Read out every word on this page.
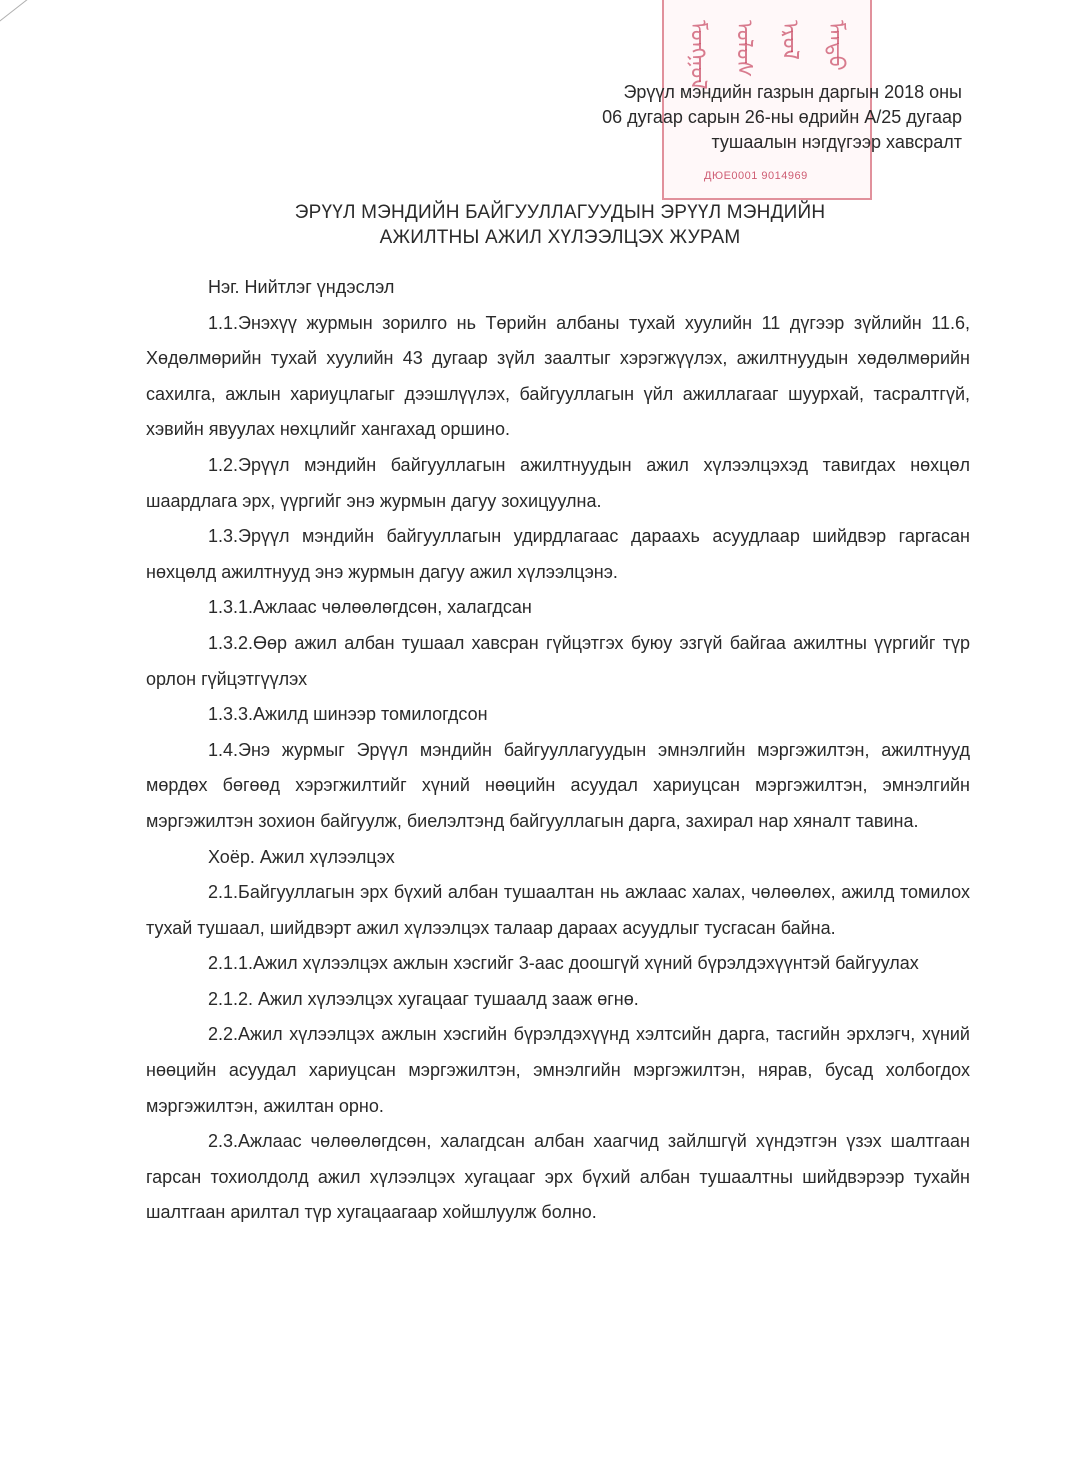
ᠮᠣᠩᠭᠣᠯ ᠤᠯᠤᠰ ᠡᠷᠦᠯ ᠮᠡᠨᠳᠦ
ДЮЕ0001 9014969
Эрүүл мэндийн газрын даргын 2018 оны
06 дугаар сарын 26-ны өдрийн А/25 дугаар
тушаалын нэгдүгээр хавсралт
ЭРҮҮЛ МЭНДИЙН БАЙГУУЛЛАГУУДЫН ЭРҮҮЛ МЭНДИЙН
АЖИЛТНЫ АЖИЛ ХҮЛЭЭЛЦЭХ ЖУРАМ

Нэг. Нийтлэг үндэслэл

1.1.Энэхүү журмын зорилго нь Төрийн албаны тухай хуулийн 11 дүгээр зүйлийн 11.6, Хөдөлмөрийн тухай хуулийн 43 дугаар зүйл заалтыг хэрэгжүүлэх, ажилтнуудын хөдөлмөрийн сахилга, ажлын хариуцлагыг дээшлүүлэх, байгууллагын үйл ажиллагааг шуурхай, тасралтгүй, хэвийн явуулах нөхцлийг хангахад оршино.

1.2.Эрүүл мэндийн байгууллагын ажилтнуудын ажил хүлээлцэхэд тавигдах нөхцөл шаардлага эрх, үүргийг энэ журмын дагуу зохицуулна.

1.3.Эрүүл мэндийн байгууллагын удирдлагаас дараахь асуудлаар шийдвэр гаргасан нөхцөлд ажилтнууд энэ журмын дагуу ажил хүлээлцэнэ.

1.3.1.Ажлаас чөлөөлөгдсөн, халагдсан

1.3.2.Өөр ажил албан тушаал хавсран гүйцэтгэх буюу эзгүй байгаа ажилтны үүргийг түр орлон гүйцэтгүүлэх

1.3.3.Ажилд шинээр томилогдсон

1.4.Энэ журмыг Эрүүл мэндийн байгууллагуудын эмнэлгийн мэргэжилтэн, ажилтнууд мөрдөх бөгөөд хэрэгжилтийг хүний нөөцийн асуудал хариуцсан мэргэжилтэн, эмнэлгийн мэргэжилтэн зохион байгуулж, биелэлтэнд байгууллагын дарга, захирал нар хяналт тавина.

Хоёр. Ажил хүлээлцэх

2.1.Байгууллагын эрх бүхий албан тушаалтан нь ажлаас халах, чөлөөлөх, ажилд томилох тухай тушаал, шийдвэрт ажил хүлээлцэх талаар дараах асуудлыг тусгасан байна.

2.1.1.Ажил хүлээлцэх ажлын хэсгийг 3-аас доошгүй хүний бүрэлдэхүүнтэй байгуулах

2.1.2. Ажил хүлээлцэх хугацааг тушаалд зааж өгнө.

2.2.Ажил хүлээлцэх ажлын хэсгийн бүрэлдэхүүнд хэлтсийн дарга, тасгийн эрхлэгч, хүний нөөцийн асуудал хариуцсан мэргэжилтэн, эмнэлгийн мэргэжилтэн, нярав, бусад холбогдох мэргэжилтэн, ажилтан орно.

2.3.Ажлаас чөлөөлөгдсөн, халагдсан албан хаагчид зайлшгүй хүндэтгэн үзэх шалтгаан гарсан тохиолдолд ажил хүлээлцэх хугацааг эрх бүхий албан тушаалтны шийдвэрээр тухайн шалтгаан арилтал түр хугацаагаар хойшлуулж болно.
